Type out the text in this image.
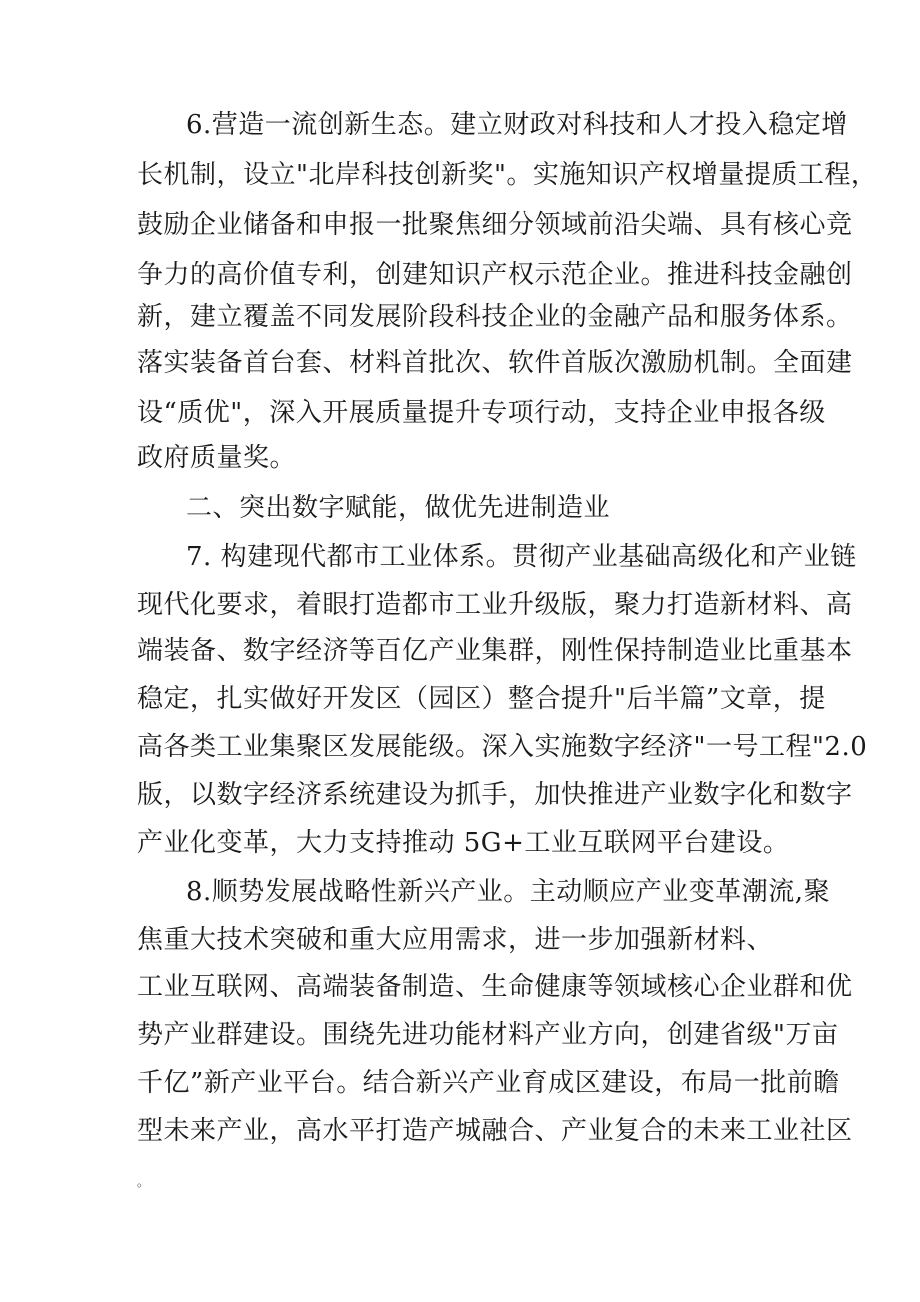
6.营造一流创新生态。建立财政对科技和人才投入稳定增
长机制，设立"北岸科技创新奖"。实施知识产权增量提质工程，
鼓励企业储备和申报一批聚焦细分领域前沿尖端、具有核心竞
争力的高价值专利，创建知识产权示范企业。推进科技金融创
新，建立覆盖不同发展阶段科技企业的金融产品和服务体系。
落实装备首台套、材料首批次、软件首版次激励机制。全面建
设“质优"，深入开展质量提升专项行动，支持企业申报各级
政府质量奖。
二、突出数字赋能，做优先进制造业
7. 构建现代都市工业体系。贯彻产业基础高级化和产业链
现代化要求，着眼打造都市工业升级版，聚力打造新材料、高
端装备、数字经济等百亿产业集群，刚性保持制造业比重基本
稳定，扎实做好开发区（园区）整合提升"后半篇”文章，提
高各类工业集聚区发展能级。深入实施数字经济"一号工程"2.0
版，以数字经济系统建设为抓手，加快推进产业数字化和数字
产业化变革，大力支持推动 5G+工业互联网平台建设。
8.顺势发展战略性新兴产业。主动顺应产业变革潮流,聚
焦重大技术突破和重大应用需求，进一步加强新材料、
工业互联网、高端装备制造、生命健康等领域核心企业群和优
势产业群建设。围绕先进功能材料产业方向，创建省级"万亩
千亿”新产业平台。结合新兴产业育成区建设，布局一批前瞻
型未来产业，高水平打造产城融合、产业复合的未来工业社区
。
